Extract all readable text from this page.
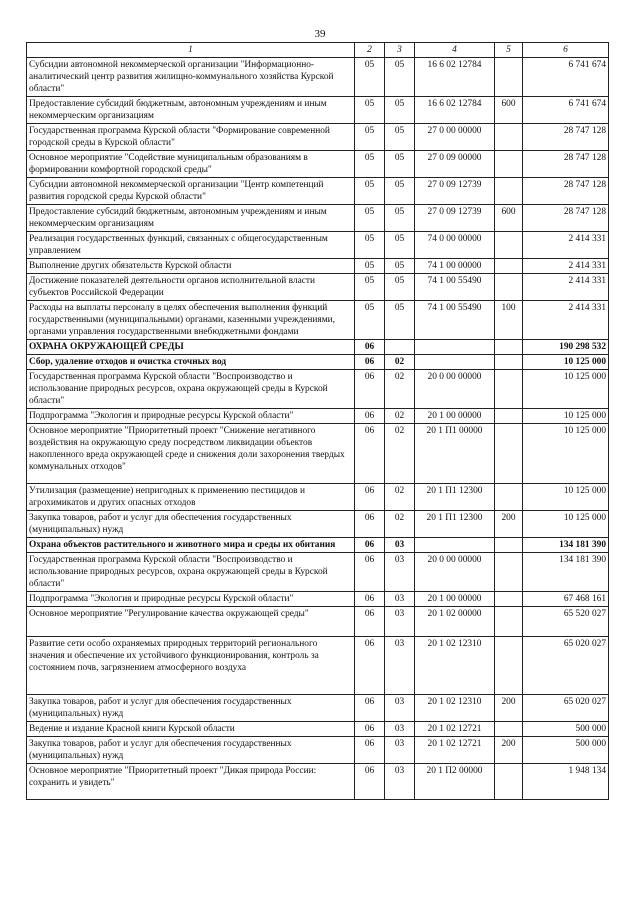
39
1	2	3	4	5	6
Субсидии автономной некоммерческой организации "Информационно-аналитический центр развития жилищно-коммунального хозяйства Курской области"	05	05	16 6 02 12784		6 741 674
Предоставление субсидий бюджетным, автономным учреждениям и иным некоммерческим организациям	05	05	16 6 02 12784	600	6 741 674
Государственная программа Курской области "Формирование современной городской среды в Курской области"	05	05	27 0 00 00000		28 747 128
Основное мероприятие "Содействие муниципальным образованиям в формировании комфортной городской среды"	05	05	27 0 09 00000		28 747 128
Субсидии автономной некоммерческой организации "Центр компетенций развития городской среды Курской области"	05	05	27 0 09 12739		28 747 128
Предоставление субсидий бюджетным, автономным учреждениям и иным некоммерческим организациям	05	05	27 0 09 12739	600	28 747 128
Реализация государственных функций, связанных с общегосударственным управлением	05	05	74 0 00 00000		2 414 331
Выполнение других обязательств Курской области	05	05	74 1 00 00000		2 414 331
Достижение показателей деятельности органов исполнительной власти субъектов Российской Федерации	05	05	74 1 00 55490		2 414 331
Расходы на выплаты персоналу в целях обеспечения выполнения функций государственными (муниципальными) органами, казенными учреждениями, органами управления государственными внебюджетными фондами	05	05	74 1 00 55490	100	2 414 331
ОХРАНА ОКРУЖАЮЩЕЙ СРЕДЫ	06				190 298 532
Сбор, удаление отходов и очистка сточных вод	06	02			10 125 000
Государственная программа Курской области "Воспроизводство и использование природных ресурсов, охрана окружающей среды в Курской области"	06	02	20 0 00 00000		10 125 000
Подпрограмма "Экология и природные ресурсы Курской области"	06	02	20 1 00 00000		10 125 000
Основное мероприятие "Приоритетный проект "Снижение негативного воздействия на окружающую среду посредством ликвидации объектов накопленного вреда окружающей среде и снижения доли захоронения твердых коммунальных отходов"	06	02	20 1 П1 00000		10 125 000
Утилизация (размещение) непригодных к применению пестицидов и агрохимикатов и других опасных отходов	06	02	20 1 П1 12300		10 125 000
Закупка товаров, работ и услуг для обеспечения государственных (муниципальных) нужд	06	02	20 1 П1 12300	200	10 125 000
Охрана объектов растительного и животного мира и среды их обитания	06	03			134 181 390
Государственная программа Курской области "Воспроизводство и использование природных ресурсов, охрана окружающей среды в Курской области"	06	03	20 0 00 00000		134 181 390
Подпрограмма "Экология и природные ресурсы Курской области"	06	03	20 1 00 00000		67 468 161
Основное мероприятие "Регулирование качества окружающей среды"	06	03	20 1 02 00000		65 520 027
Развитие сети особо охраняемых природных территорий регионального значения и обеспечение их устойчивого функционирования, контроль за состоянием почв, загрязнением атмосферного воздуха	06	03	20 1 02 12310		65 020 027
Закупка товаров, работ и услуг для обеспечения государственных (муниципальных) нужд	06	03	20 1 02 12310	200	65 020 027
Ведение и издание Красной книги Курской области	06	03	20 1 02 12721		500 000
Закупка товаров, работ и услуг для обеспечения государственных (муниципальных) нужд	06	03	20 1 02 12721	200	500 000
Основное мероприятие "Приоритетный проект "Дикая природа России: сохранить и увидеть"	06	03	20 1 П2 00000		1 948 134
